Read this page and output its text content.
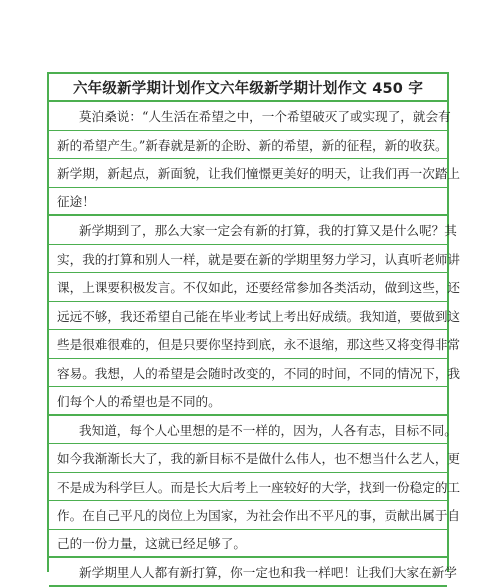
六年级新学期计划作文六年级新学期计划作文 450 字
莫泊桑说：“人生活在希望之中，一个希望破灭了或实现了，就会有
新的希望产生。”新春就是新的企盼、新的希望，新的征程，新的收获。
新学期，新起点，新面貌，让我们憧憬更美好的明天，让我们再一次踏上
征途！
新学期到了，那么大家一定会有新的打算，我的打算又是什么呢？其
实，我的打算和别人一样，就是要在新的学期里努力学习，认真听老师讲
课，上课要积极发言。不仅如此，还要经常参加各类活动，做到这些，还
远远不够，我还希望自己能在毕业考试上考出好成绩。我知道，要做到这
些是很难很难的，但是只要你坚持到底，永不退缩，那这些又将变得非常
容易。我想，人的希望是会随时改变的，不同的时间，不同的情况下，我
们每个人的希望也是不同的。
我知道，每个人心里想的是不一样的，因为，人各有志，目标不同。
如今我渐渐长大了，我的新目标不是做什么伟人，也不想当什么艺人，更
不是成为科学巨人。而是长大后考上一座较好的大学，找到一份稳定的工
作。在自己平凡的岗位上为国家，为社会作出不平凡的事，贡献出属于自
己的一份力量，这就已经足够了。
新学期里人人都有新打算，你一定也和我一样吧！让我们大家在新学
